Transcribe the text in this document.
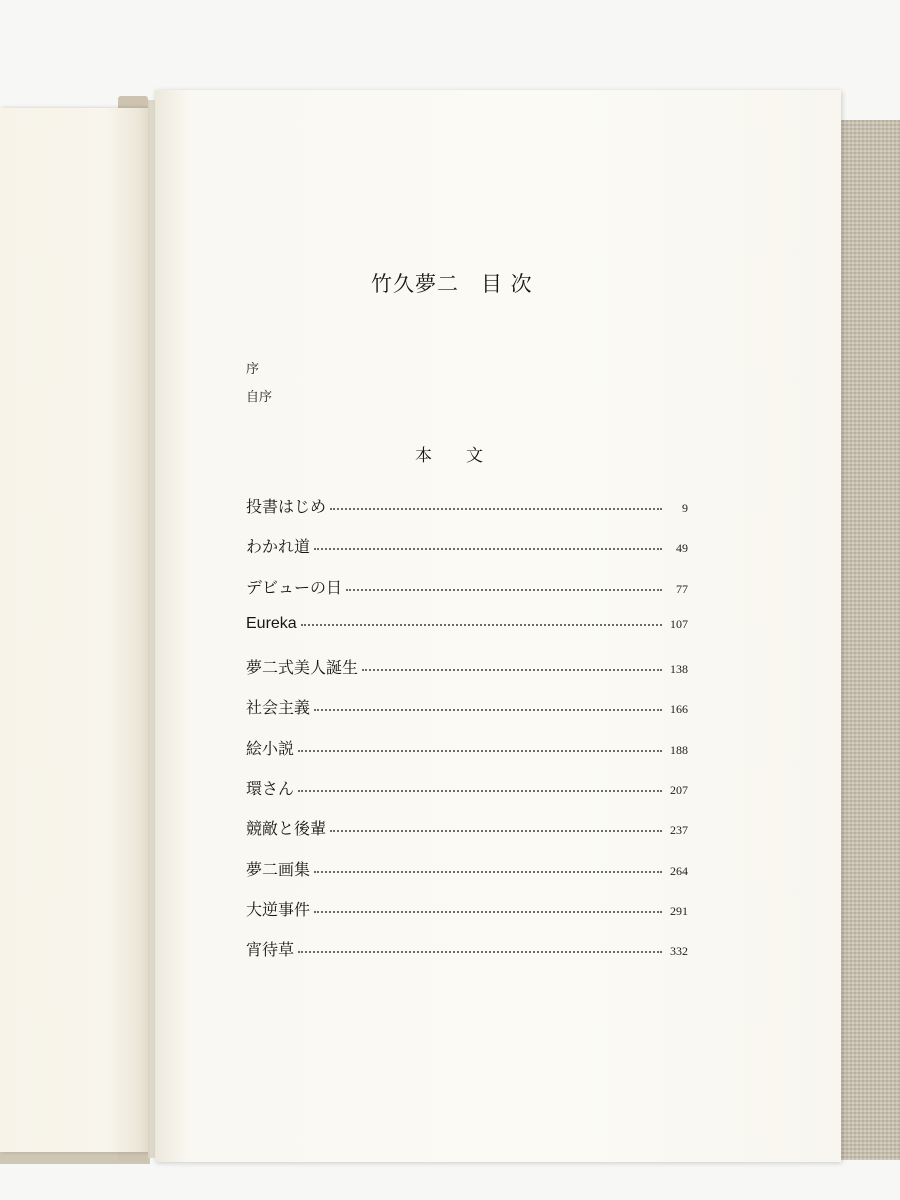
竹久夢二　目 次
序
自序
本　　文
投書はじめ	9
わかれ道	49
デビューの日	77
Eureka	107
夢二式美人誕生	138
社会主義	166
絵小説	188
環さん	207
競敵と後輩	237
夢二画集	264
大逆事件	291
宵待草	332
